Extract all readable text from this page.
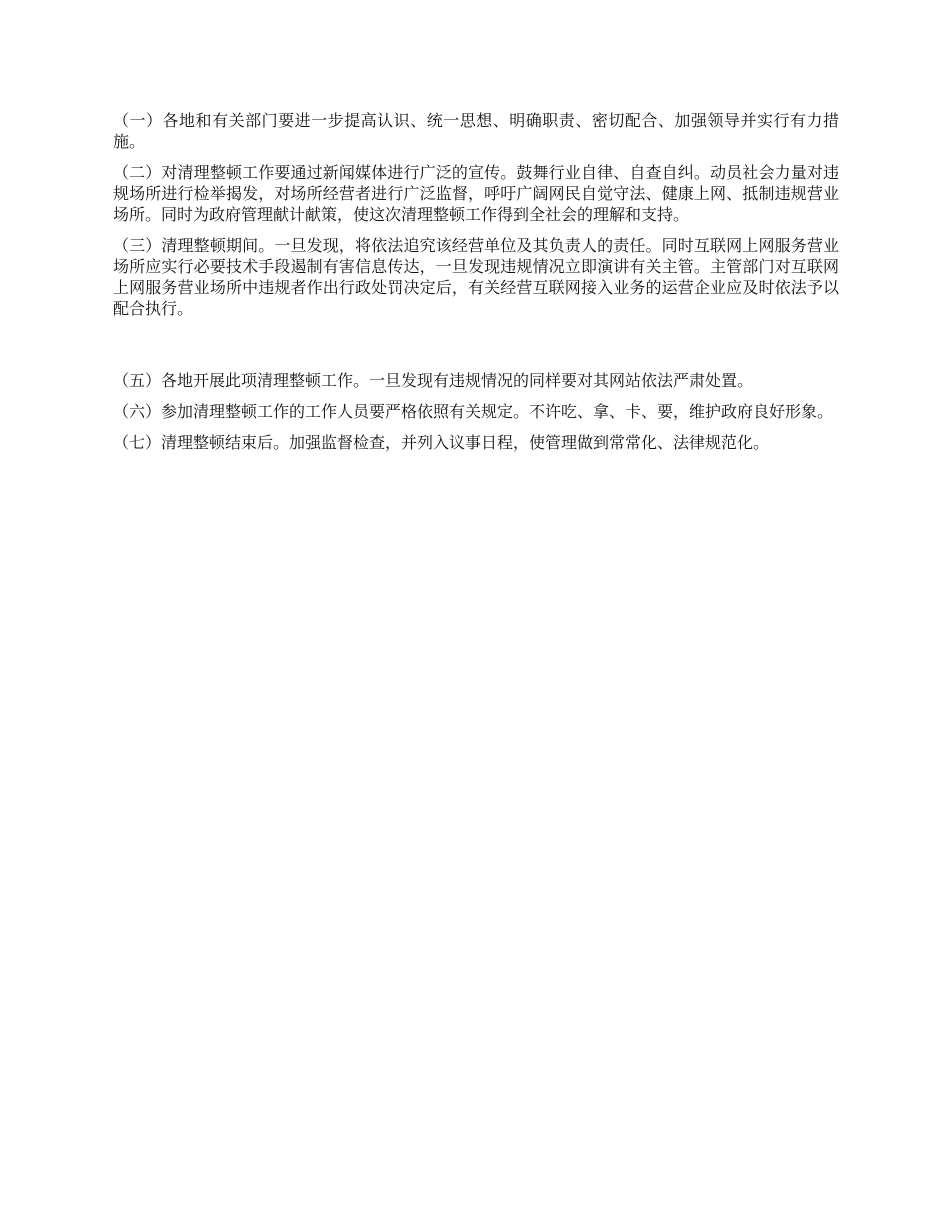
（一）各地和有关部门要进一步提高认识、统一思想、明确职责、密切配合、加强领导并实行有力措施。

（二）对清理整顿工作要通过新闻媒体进行广泛的宣传。鼓舞行业自律、自查自纠。动员社会力量对违规场所进行检举揭发，对场所经营者进行广泛监督，呼吁广阔网民自觉守法、健康上网、抵制违规营业场所。同时为政府管理献计献策，使这次清理整顿工作得到全社会的理解和支持。

（三）清理整顿期间。一旦发现，将依法追究该经营单位及其负责人的责任。同时互联网上网服务营业场所应实行必要技术手段遏制有害信息传达，一旦发现违规情况立即演讲有关主管。主管部门对互联网上网服务营业场所中违规者作出行政处罚决定后，有关经营互联网接入业务的运营企业应及时依法予以配合执行。

（五）各地开展此项清理整顿工作。一旦发现有违规情况的同样要对其网站依法严肃处置。

（六）参加清理整顿工作的工作人员要严格依照有关规定。不许吃、拿、卡、要，维护政府良好形象。

（七）清理整顿结束后。加强监督检查，并列入议事日程，使管理做到常常化、法律规范化。
